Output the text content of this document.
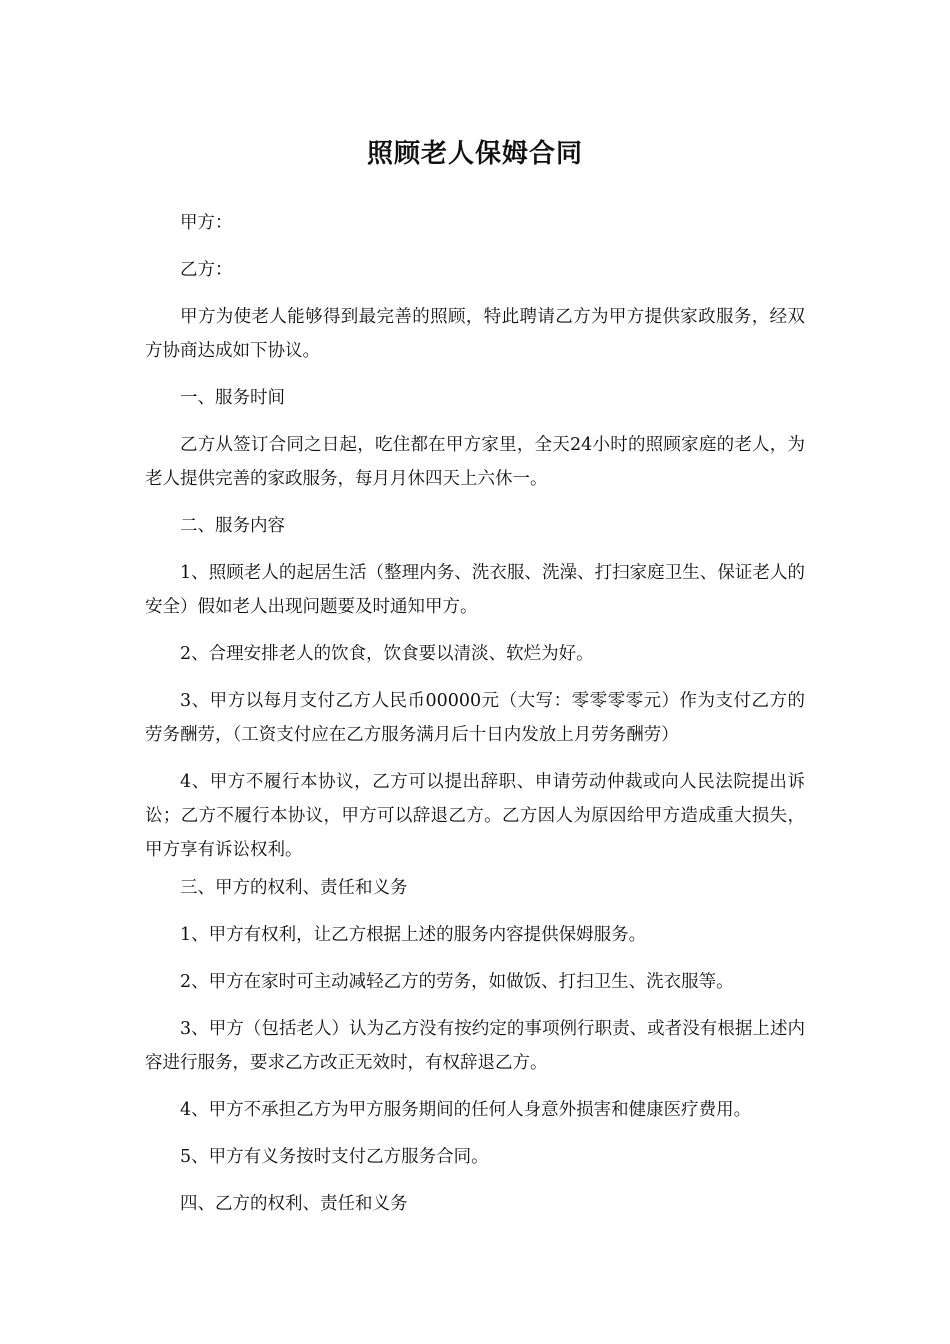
照顾老人保姆合同

甲方：

乙方：

甲方为使老人能够得到最完善的照顾，特此聘请乙方为甲方提供家政服务，经双方协商达成如下协议。

一、服务时间

乙方从签订合同之日起，吃住都在甲方家里，全天24小时的照顾家庭的老人，为老人提供完善的家政服务，每月月休四天上六休一。

二、服务内容

1、照顾老人的起居生活（整理内务、洗衣服、洗澡、打扫家庭卫生、保证老人的安全）假如老人出现问题要及时通知甲方。

2、合理安排老人的饮食，饮食要以清淡、软烂为好。

3、甲方以每月支付乙方人民币00000元（大写：零零零零元）作为支付乙方的劳务酬劳，（工资支付应在乙方服务满月后十日内发放上月劳务酬劳）

4、甲方不履行本协议，乙方可以提出辞职、申请劳动仲裁或向人民法院提出诉讼；乙方不履行本协议，甲方可以辞退乙方。乙方因人为原因给甲方造成重大损失，甲方享有诉讼权利。

三、甲方的权利、责任和义务

1、甲方有权利，让乙方根据上述的服务内容提供保姆服务。

2、甲方在家时可主动减轻乙方的劳务，如做饭、打扫卫生、洗衣服等。

3、甲方（包括老人）认为乙方没有按约定的事项例行职责、或者没有根据上述内容进行服务，要求乙方改正无效时，有权辞退乙方。

4、甲方不承担乙方为甲方服务期间的任何人身意外损害和健康医疗费用。

5、甲方有义务按时支付乙方服务合同。

四、乙方的权利、责任和义务
